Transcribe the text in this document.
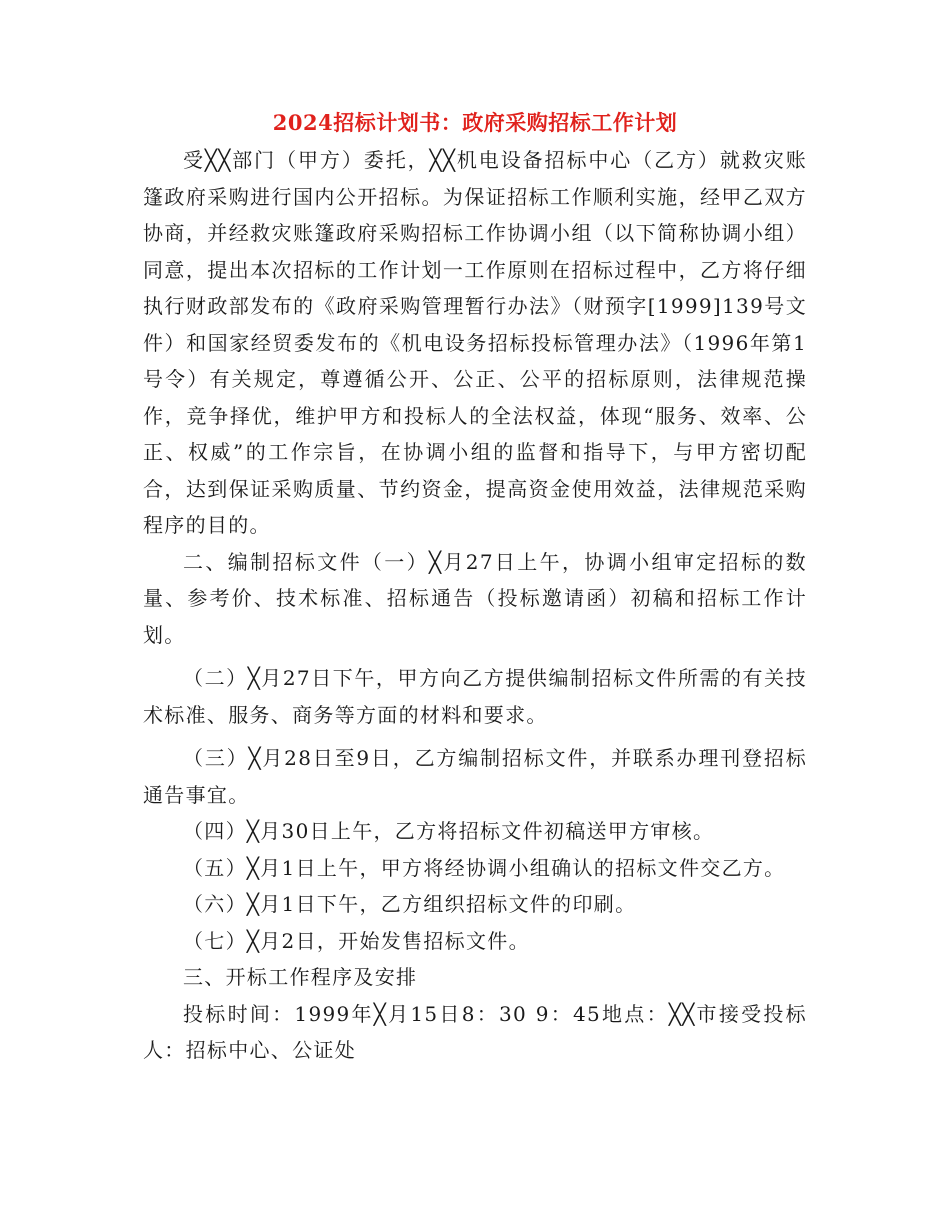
2024招标计划书：政府采购招标工作计划

受╳╳部门（甲方）委托，╳╳机电设备招标中心（乙方）就救灾账篷政府采购进行国内公开招标。为保证招标工作顺利实施，经甲乙双方协商，并经救灾账篷政府采购招标工作协调小组（以下简称协调小组）同意，提出本次招标的工作计划一工作原则在招标过程中，乙方将仔细执行财政部发布的《政府采购管理暂行办法》（财预字[1999]139号文件）和国家经贸委发布的《机电设务招标投标管理办法》（1996年第1号令）有关规定，尊遵循公开、公正、公平的招标原则，法律规范操作，竞争择优，维护甲方和投标人的全法权益，体现“服务、效率、公正、权威”的工作宗旨，在协调小组的监督和指导下，与甲方密切配合，达到保证采购质量、节约资金，提高资金使用效益，法律规范采购程序的目的。

二、编制招标文件（一）╳月27日上午，协调小组审定招标的数量、参考价、技术标准、招标通告（投标邀请函）初稿和招标工作计划。

（二）╳月27日下午，甲方向乙方提供编制招标文件所需的有关技术标准、服务、商务等方面的材料和要求。

（三）╳月28日至9日，乙方编制招标文件，并联系办理刊登招标通告事宜。

（四）╳月30日上午，乙方将招标文件初稿送甲方审核。

（五）╳月1日上午，甲方将经协调小组确认的招标文件交乙方。

（六）╳月1日下午，乙方组织招标文件的印刷。

（七）╳月2日，开始发售招标文件。

三、开标工作程序及安排

投标时间：1999年╳月15日8：30 9：45地点：╳╳市接受投标人：招标中心、公证处
